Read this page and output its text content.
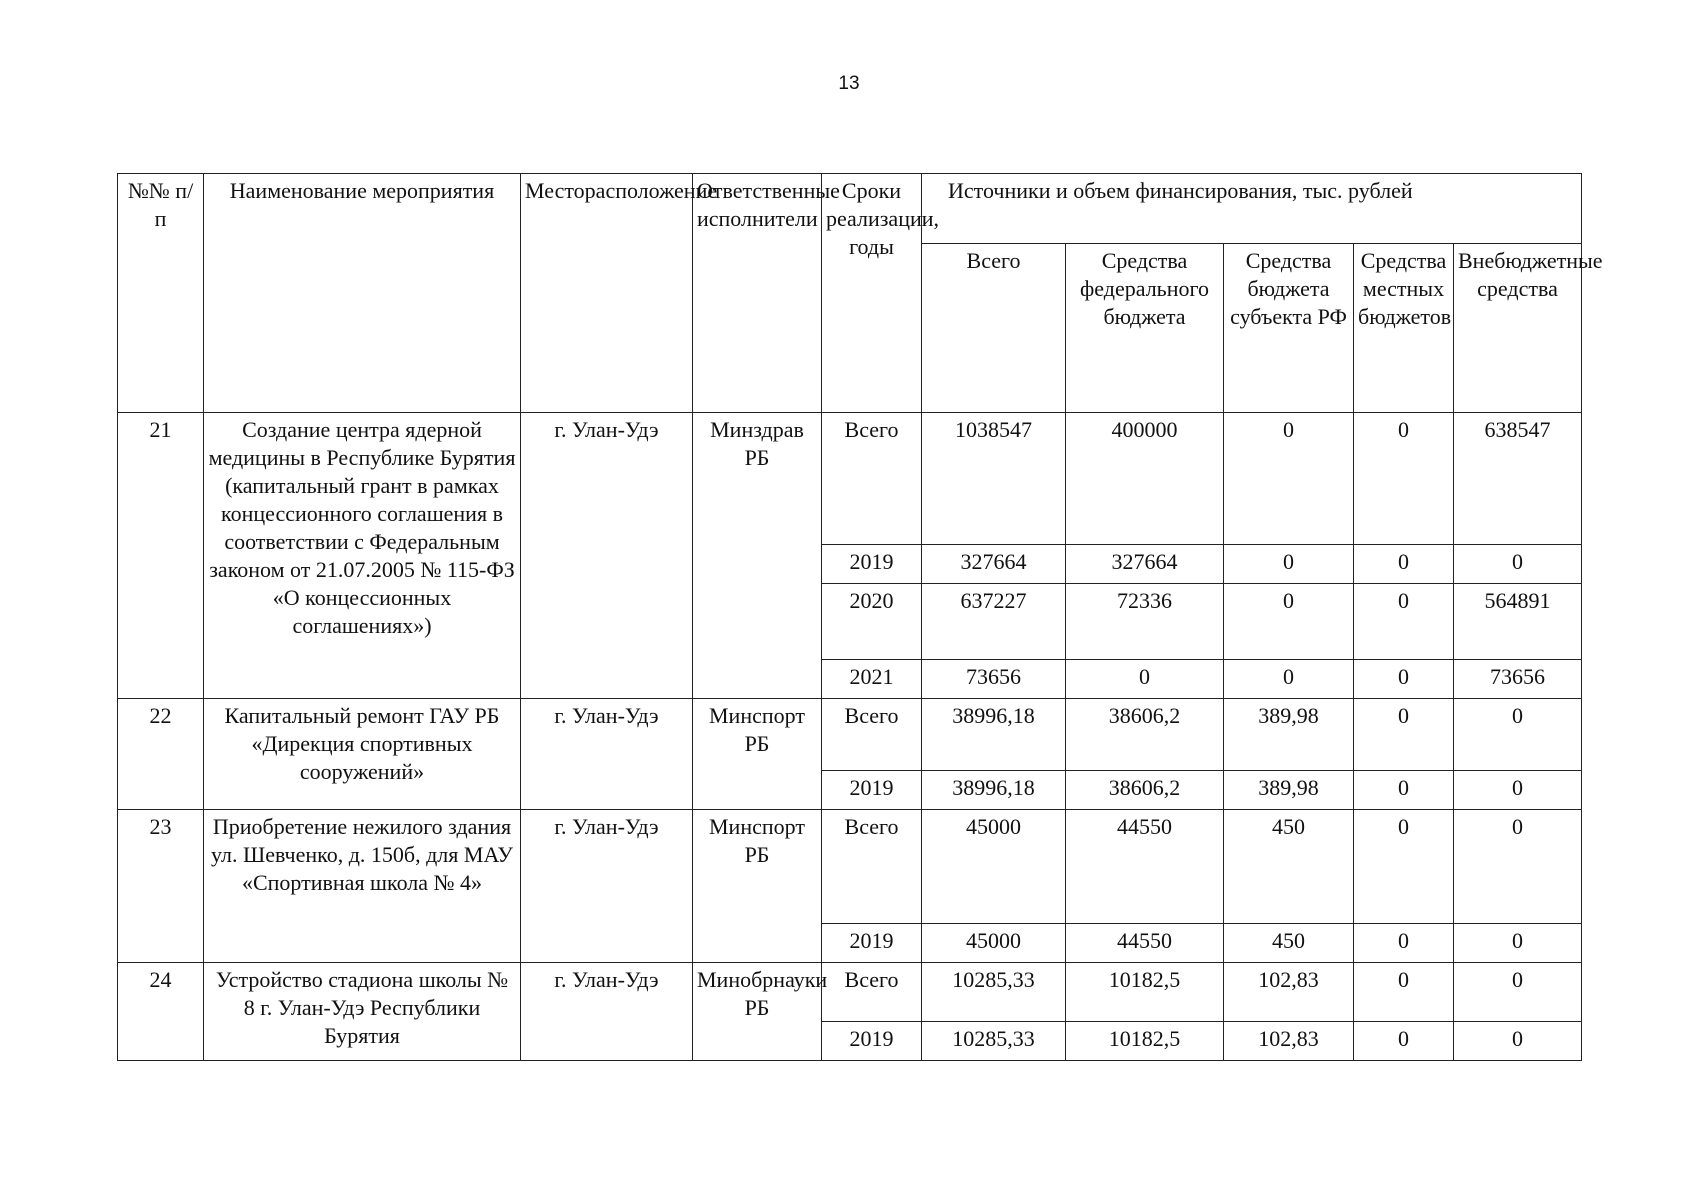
13
№№ п/п	Наименование мероприятия	Месторасположение	Ответственные исполнители	Сроки реализации, годы	Источники и объем финансирования, тыс. рублей				
					Всего	Средства федерального бюджета	Средства бюджета субъекта РФ	Средства местных бюджетов	Внебюджетные средства
21	Создание центра ядерной медицины в Республике Бурятия (капитальный грант в рамках концессионного соглашения в соответствии с Федеральным законом от 21.07.2005 № 115-ФЗ «О концессионных соглашениях»)	г. Улан-Удэ	Минздрав РБ	Всего	1038547	400000	0	0	638547
				2019	327664	327664	0	0	0
				2020	637227	72336	0	0	564891
				2021	73656	0	0	0	73656
22	Капитальный ремонт ГАУ РБ «Дирекция спортивных сооружений»	г. Улан-Удэ	Минспорт РБ	Всего	38996,18	38606,2	389,98	0	0
				2019	38996,18	38606,2	389,98	0	0
23	Приобретение нежилого здания ул. Шевченко, д. 150б, для МАУ «Спортивная школа № 4»	г. Улан-Удэ	Минспорт РБ	Всего	45000	44550	450	0	0
				2019	45000	44550	450	0	0
24	Устройство стадиона школы № 8 г. Улан-Удэ Республики Бурятия	г. Улан-Удэ	Минобрнауки РБ	Всего	10285,33	10182,5	102,83	0	0
				2019	10285,33	10182,5	102,83	0	0
